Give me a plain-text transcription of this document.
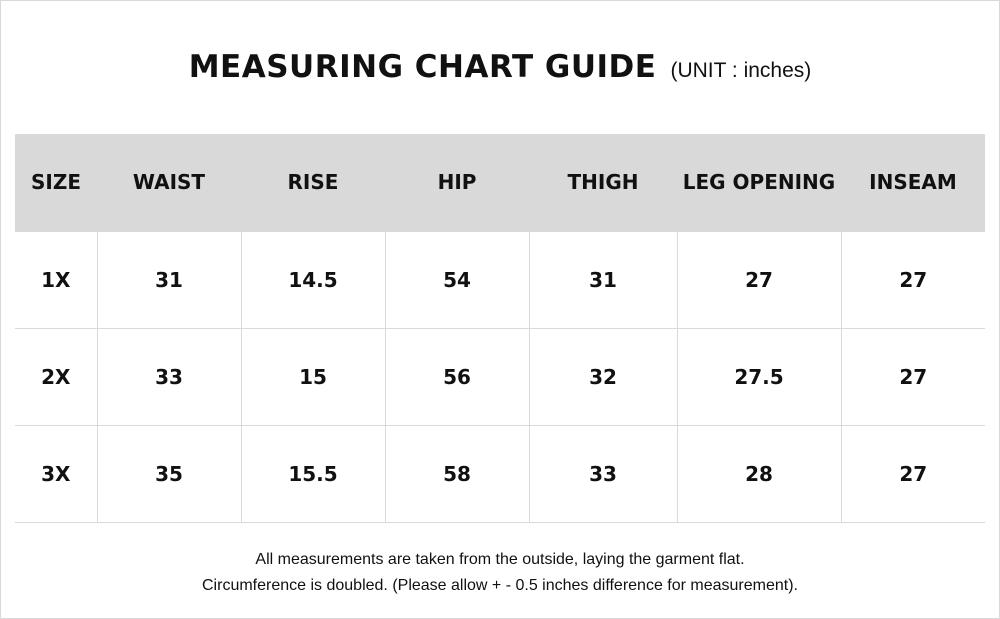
MEASURING CHART GUIDE (UNIT : inches)
SIZE	WAIST	RISE	HIP	THIGH	LEG OPENING	INSEAM
1X	31	14.5	54	31	27	27
2X	33	15	56	32	27.5	27
3X	35	15.5	58	33	28	27
All measurements are taken from the outside, laying the garment flat.
Circumference is doubled. (Please allow + - 0.5 inches difference for measurement).
